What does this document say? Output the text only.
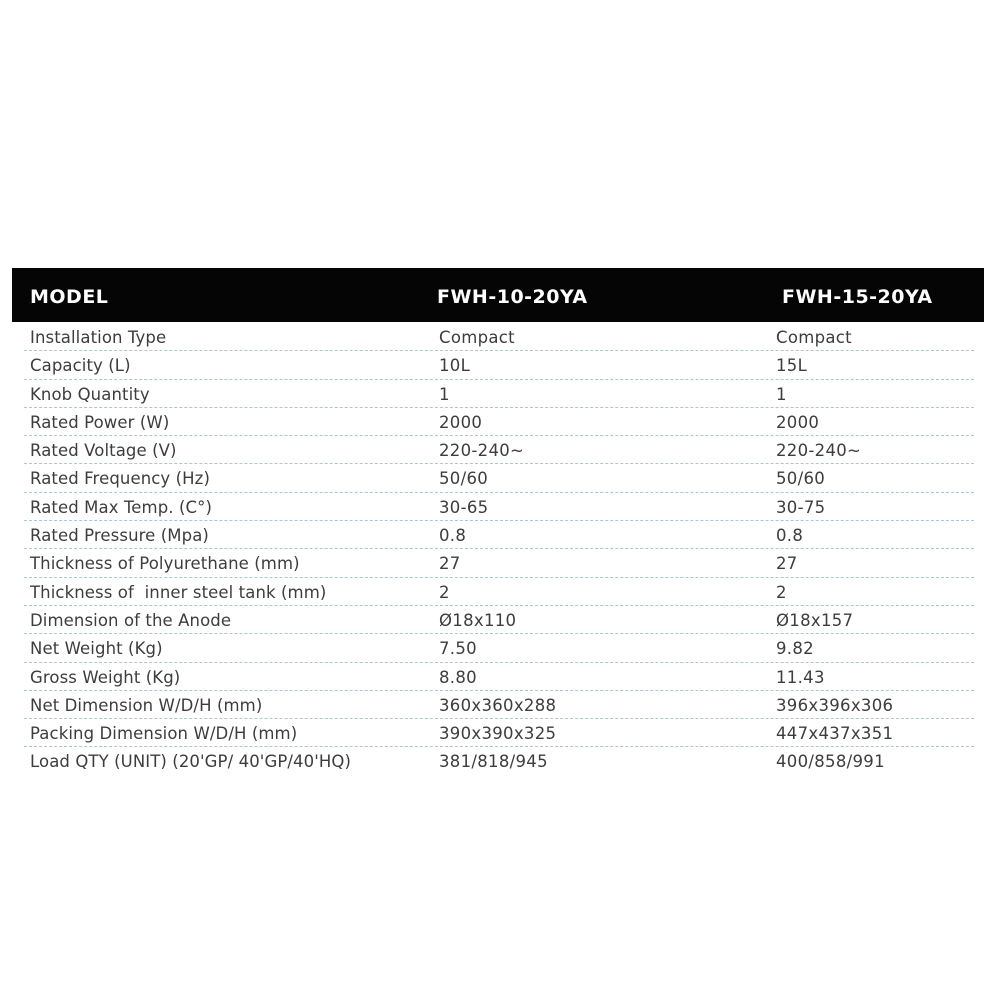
MODEL	FWH-10-20YA	FWH-15-20YA
Installation Type	Compact	Compact
Capacity (L)	10L	15L
Knob Quantity	1	1
Rated Power (W)	2000	2000
Rated Voltage (V)	220-240~	220-240~
Rated Frequency (Hz)	50/60	50/60
Rated Max Temp. (C°)	30-65	30-75
Rated Pressure (Mpa)	0.8	0.8
Thickness of Polyurethane (mm)	27	27
Thickness of  inner steel tank (mm)	2	2
Dimension of the Anode	Ø18x110	Ø18x157
Net Weight (Kg)	7.50	9.82
Gross Weight (Kg)	8.80	11.43
Net Dimension W/D/H (mm)	360x360x288	396x396x306
Packing Dimension W/D/H (mm)	390x390x325	447x437x351
Load QTY (UNIT) (20'GP/ 40'GP/40'HQ)	381/818/945	400/858/991
